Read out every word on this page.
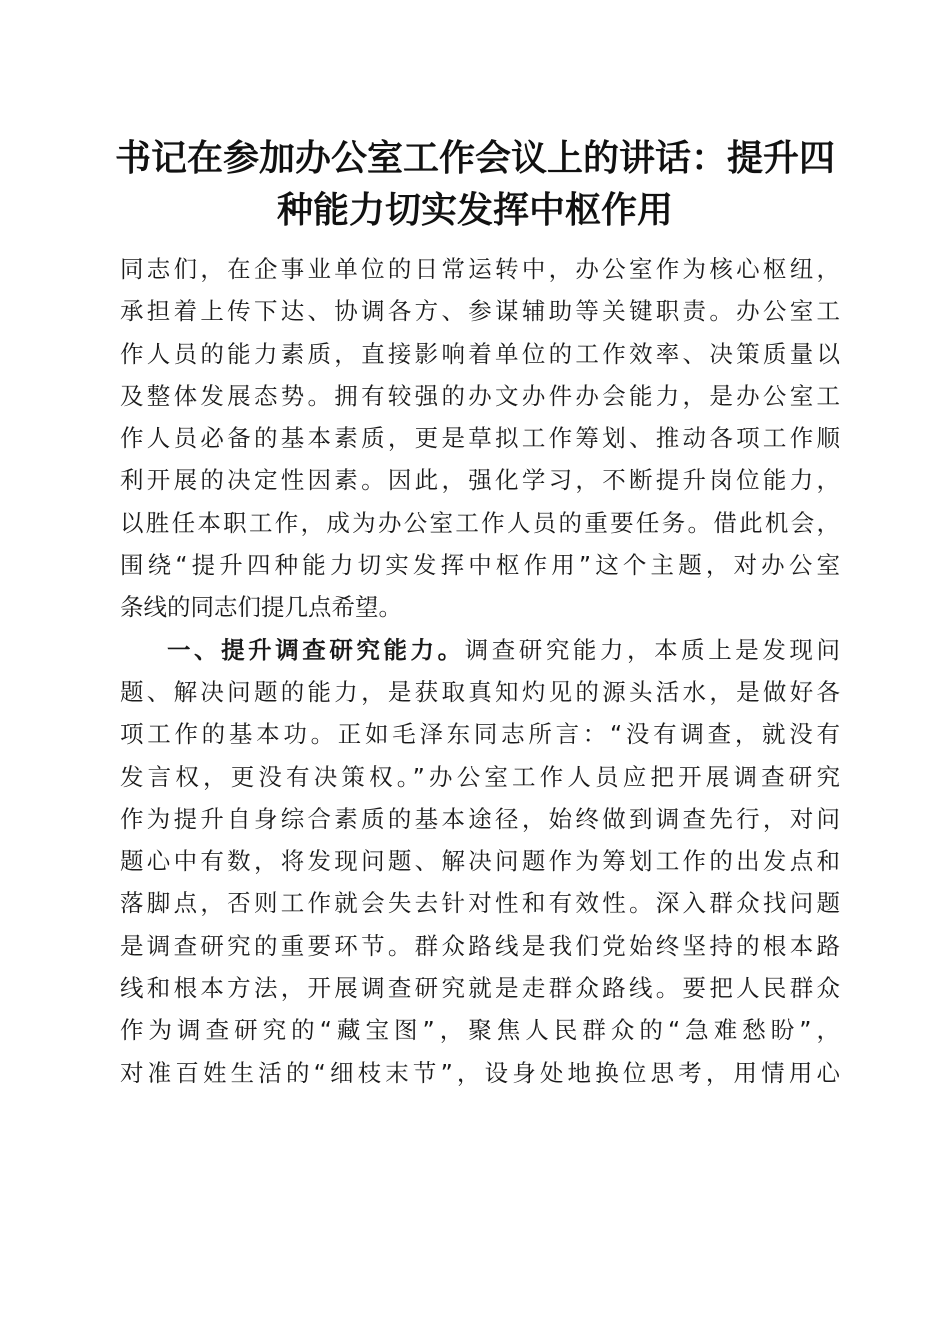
书记在参加办公室工作会议上的讲话：提升四
种能力切实发挥中枢作用
同志们，在企事业单位的日常运转中，办公室作为核心枢纽，
承担着上传下达、协调各方、参谋辅助等关键职责。办公室工
作人员的能力素质，直接影响着单位的工作效率、决策质量以
及整体发展态势。拥有较强的办文办件办会能力，是办公室工
作人员必备的基本素质，更是草拟工作筹划、推动各项工作顺
利开展的决定性因素。因此，强化学习，不断提升岗位能力，
以胜任本职工作，成为办公室工作人员的重要任务。借此机会，
围绕“提升四种能力切实发挥中枢作用”这个主题，对办公室
条线的同志们提几点希望。
一、提升调查研究能力。调查研究能力，本质上是发现问
题、解决问题的能力，是获取真知灼见的源头活水，是做好各
项工作的基本功。正如毛泽东同志所言：“没有调查，就没有
发言权，更没有决策权。”办公室工作人员应把开展调查研究
作为提升自身综合素质的基本途径，始终做到调查先行，对问
题心中有数，将发现问题、解决问题作为筹划工作的出发点和
落脚点，否则工作就会失去针对性和有效性。深入群众找问题
是调查研究的重要环节。群众路线是我们党始终坚持的根本路
线和根本方法，开展调查研究就是走群众路线。要把人民群众
作为调查研究的“藏宝图”，聚焦人民群众的“急难愁盼”，
对准百姓生活的“细枝末节”，设身处地换位思考，用情用心
